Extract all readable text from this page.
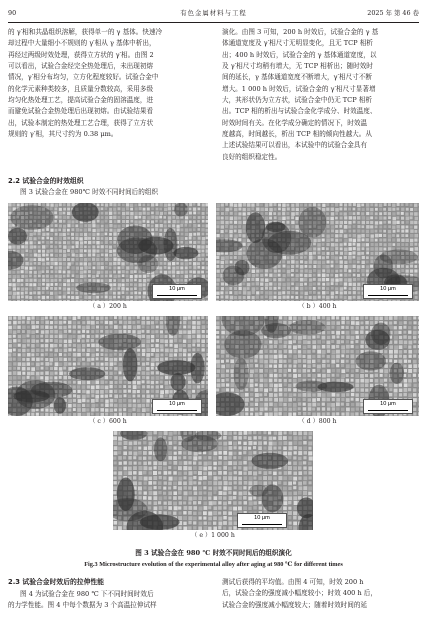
90	有色金属材料与工程	2025 年 第 46 卷
的 γ′相和共晶组织溶解，获得单一的 γ 基体。快速冷
却过程中大量细小不规则的 γ′相从 γ 基体中析出，
再经过两级时效处理，获得立方状的 γ′相。由图 2
可以看出，试验合金经完全热处理后，未出现初熔
情况，γ′相分布均匀，立方化程度较好。试验合金中
的化学元素种类较多，且质量分数较高，采用多级
均匀化热处理工艺，提高试验合金的固溶温度，进
而避免试验合金热处理后出现初熔。由试验结果看
出，试验本制定的热处理工艺合理，获得了立方状
规则的 γ′相，其尺寸约为 0.38 μm。
2.2 试验合金的时效组织
图 3 试验合金在 980℃ 时效不同时间后的组织
演化。由图 3 可知，200 h 时效后，试验合金的 γ 基
体通道宽度及 γ′相尺寸无明显变化，且无 TCP 相析
出；400 h 时效后，试验合金的 γ 基体通道宽度，以
及 γ′相尺寸均稍有增大，无 TCP 相析出；随时效时
间的延长，γ 基体通道宽度不断增大，γ′相尺寸不断
增大。1 000 h 时效后，试验合金的 γ′相尺寸显著增
大，其形状仍为立方状，试验合金中仍无 TCP 相析
出。TCP 相的析出与试验合金化学成分、时效温度、
时效时间有关。在化学成分确定的情况下，时效温
度越高，时间越长，析出 TCP 相的倾向性越大。从
上述试验结果可以看出，本试验中的试验合金具有
良好的组织稳定性。
10 μm
（ a ）200 h
10 μm
（ b ）400 h
10 μm
（ c ）600 h
10 μm
（ d ）800 h
10 μm
（ e ）1 000 h
图 3 试验合金在 980 ℃ 时效不同时间后的组织演化
Fig.3 Microstructure evolution of the experimental alloy after aging at 980 ℃ for different times
2.3 试验合金时效后的拉伸性能
图 4 为试验合金在 980 ℃ 下不同时间时效后
的力学性能。图 4 中每个数据为 3 个高温拉伸试样
测试后获得的平均值。由图 4 可知，时效 200 h
后，试验合金的强度减小幅度较小；时效 400 h 后，
试验合金的强度减小幅度较大；随着时效时间的延
